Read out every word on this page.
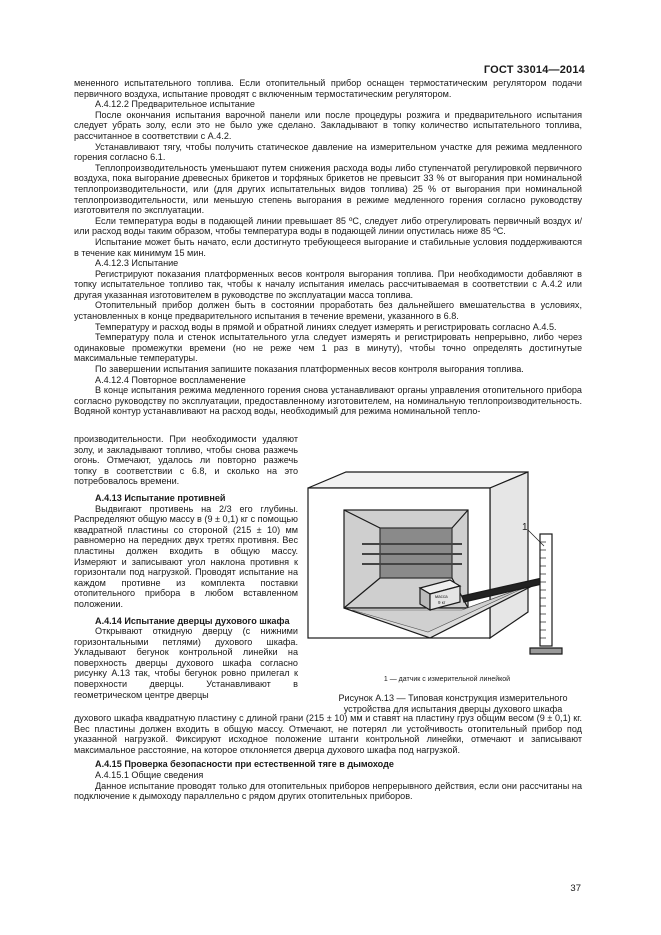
ГОСТ 33014—2014

мененного испытательного топлива. Если отопительный прибор оснащен термостатическим регулятором подачи первичного воздуха, испытание проводят с включенным термостатическим регулятором.

А.4.12.2 Предварительное испытание

После окончания испытания варочной панели или после процедуры розжига и предварительного испытания следует убрать золу, если это не было уже сделано. Закладывают в топку количество испытательного топлива, рассчитанное в соответствии с А.4.2.

Устанавливают тягу, чтобы получить статическое давление на измерительном участке для режима медленного горения согласно 6.1.

Теплопроизводительность уменьшают путем снижения расхода воды либо ступенчатой регулировкой первичного воздуха, пока выгорание древесных брикетов и торфяных брикетов не превысит 33 % от выгорания при номинальной теплопроизводительности, или (для других испытательных видов топлива) 25 % от выгорания при номинальной теплопроизводительности, или меньшую степень выгорания в режиме медленного горения согласно руководству изготовителя по эксплуатации.

Если температура воды в подающей линии превышает 85 ºС, следует либо отрегулировать первичный воздух и/или расход воды таким образом, чтобы температура воды в подающей линии опустилась ниже 85 ºС.

Испытание может быть начато, если достигнуто требующееся выгорание и стабильные условия поддерживаются в течение как минимум 15 мин.

А.4.12.3 Испытание

Регистрируют показания платформенных весов контроля выгорания топлива. При необходимости добавляют в топку испытательное топливо так, чтобы к началу испытания имелась рассчитываемая в соответствии с А.4.2 или другая указанная изготовителем в руководстве по эксплуатации масса топлива.

Отопительный прибор должен быть в состоянии проработать без дальнейшего вмешательства в условиях, установленных в конце предварительного испытания в течение времени, указанного в 6.8.

Температуру и расход воды в прямой и обратной линиях следует измерять и регистрировать согласно А.4.5.

Температуру пола и стенок испытательного угла следует измерять и регистрировать непрерывно, либо через одинаковые промежутки времени (но не реже чем 1 раз в минуту), чтобы точно определять достигнутые максимальные температуры.

По завершении испытания запишите показания платформенных весов контроля выгорания топлива.

А.4.12.4 Повторное воспламенение

В конце испытания режима медленного горения снова устанавливают органы управления отопительного прибора согласно руководству по эксплуатации, предоставленному изготовителем, на номинальную теплопроизводительность. Водяной контур устанавливают на расход воды, необходимый для режима номинальной тепло-

производительности. При необходимости удаляют золу, и закладывают топливо, чтобы снова разжечь огонь. Отмечают, удалось ли повторно разжечь топку в соответствии с 6.8, и сколько на это потребовалось времени.

А.4.13 Испытание противней

Выдвигают противень на 2/3 его глубины. Распределяют общую массу в (9 ± 0,1) кг с помощью квадратной пластины со стороной (215 ± 10) мм равномерно на передних двух третях противня. Вес пластины должен входить в общую массу. Измеряют и записывают угол наклона противня к горизонтали под нагрузкой. Проводят испытание на каждом противне из комплекта поставки отопительного прибора в любом вставленном положении.

А.4.14 Испытание дверцы духового шкафа

Открывают откидную дверцу (с нижними горизонтальными петлями) духового шкафа. Укладывают бегунок контрольной линейки на поверхность дверцы духового шкафа согласно рисунку А.13 так, чтобы бегунок ровно прилегал к поверхности дверцы. Устанавливают в геометрическом центре дверцы

1
масса
9 кг
1 — датчик с измерительной линейкой
Рисунок А.13 — Типовая конструкция измерительного
устройства для испытания дверцы духового шкафа

духового шкафа квадратную пластину с длиной грани (215 ± 10) мм и ставят на пластину груз общим весом (9 ± 0,1) кг. Вес пластины должен входить в общую массу. Отмечают, не потерял ли устойчивость отопительный прибор под указанной нагрузкой. Фиксируют исходное положение штанги контрольной линейки, отмечают и записывают максимальное расстояние, на которое отклоняется дверца духового шкафа под нагрузкой.

А.4.15 Проверка безопасности при естественной тяге в дымоходе

А.4.15.1 Общие сведения

Данное испытание проводят только для отопительных приборов непрерывного действия, если они рассчитаны на подключение к дымоходу параллельно с рядом других отопительных приборов.

37
